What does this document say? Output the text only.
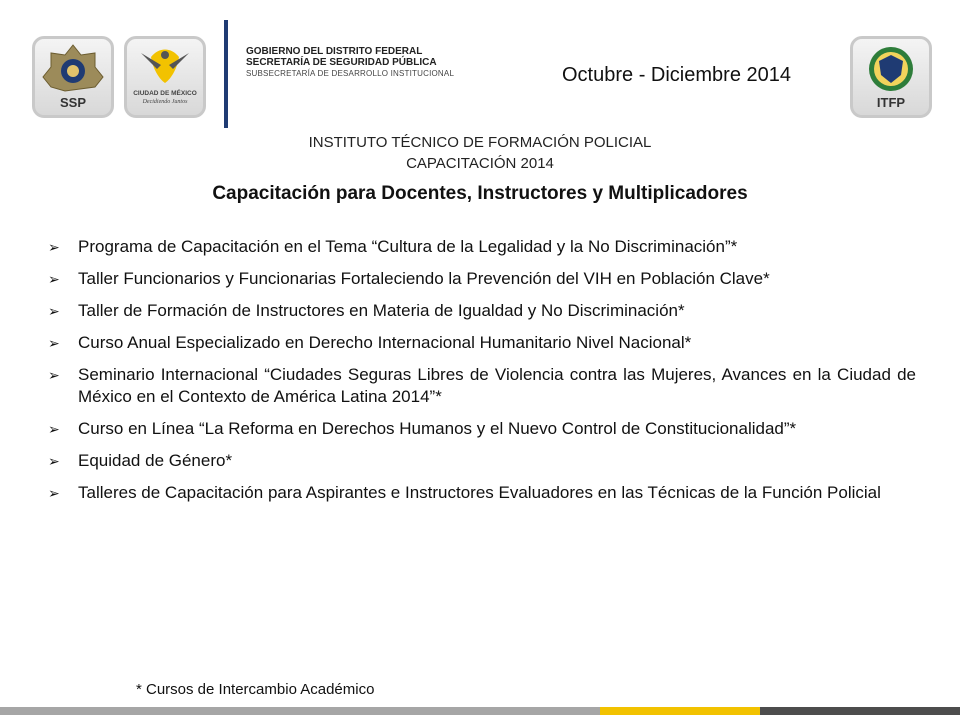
SSP
CIUDAD DE MÉXICO
Decidiendo Juntos	ITFP
GOBIERNO DEL DISTRITO FEDERAL
SECRETARÍA DE SEGURIDAD PÚBLICA
SUBSECRETARÍA DE DESARROLLO INSTITUCIONAL	Octubre - Diciembre 2014
INSTITUTO TÉCNICO DE FORMACIÓN POLICIAL
CAPACITACIÓN 2014
Capacitación para Docentes, Instructores y Multiplicadores
➢ Programa de Capacitación en el Tema “Cultura de la Legalidad y la No Discriminación”*
➢ Taller Funcionarios y Funcionarias Fortaleciendo la Prevención del VIH en Población Clave*
➢ Taller de Formación de Instructores en Materia de Igualdad y No Discriminación*
➢ Curso Anual Especializado en Derecho Internacional Humanitario Nivel Nacional*
➢ Seminario Internacional “Ciudades Seguras Libres de Violencia contra las Mujeres, Avances en la Ciudad de México en el Contexto de América Latina 2014”*
➢ Curso en Línea “La Reforma en Derechos Humanos y el Nuevo Control de Constitucionalidad”*
➢ Equidad de Género*
➢ Talleres de Capacitación para Aspirantes e Instructores Evaluadores en las Técnicas de la Función Policial
* Cursos de Intercambio Académico
